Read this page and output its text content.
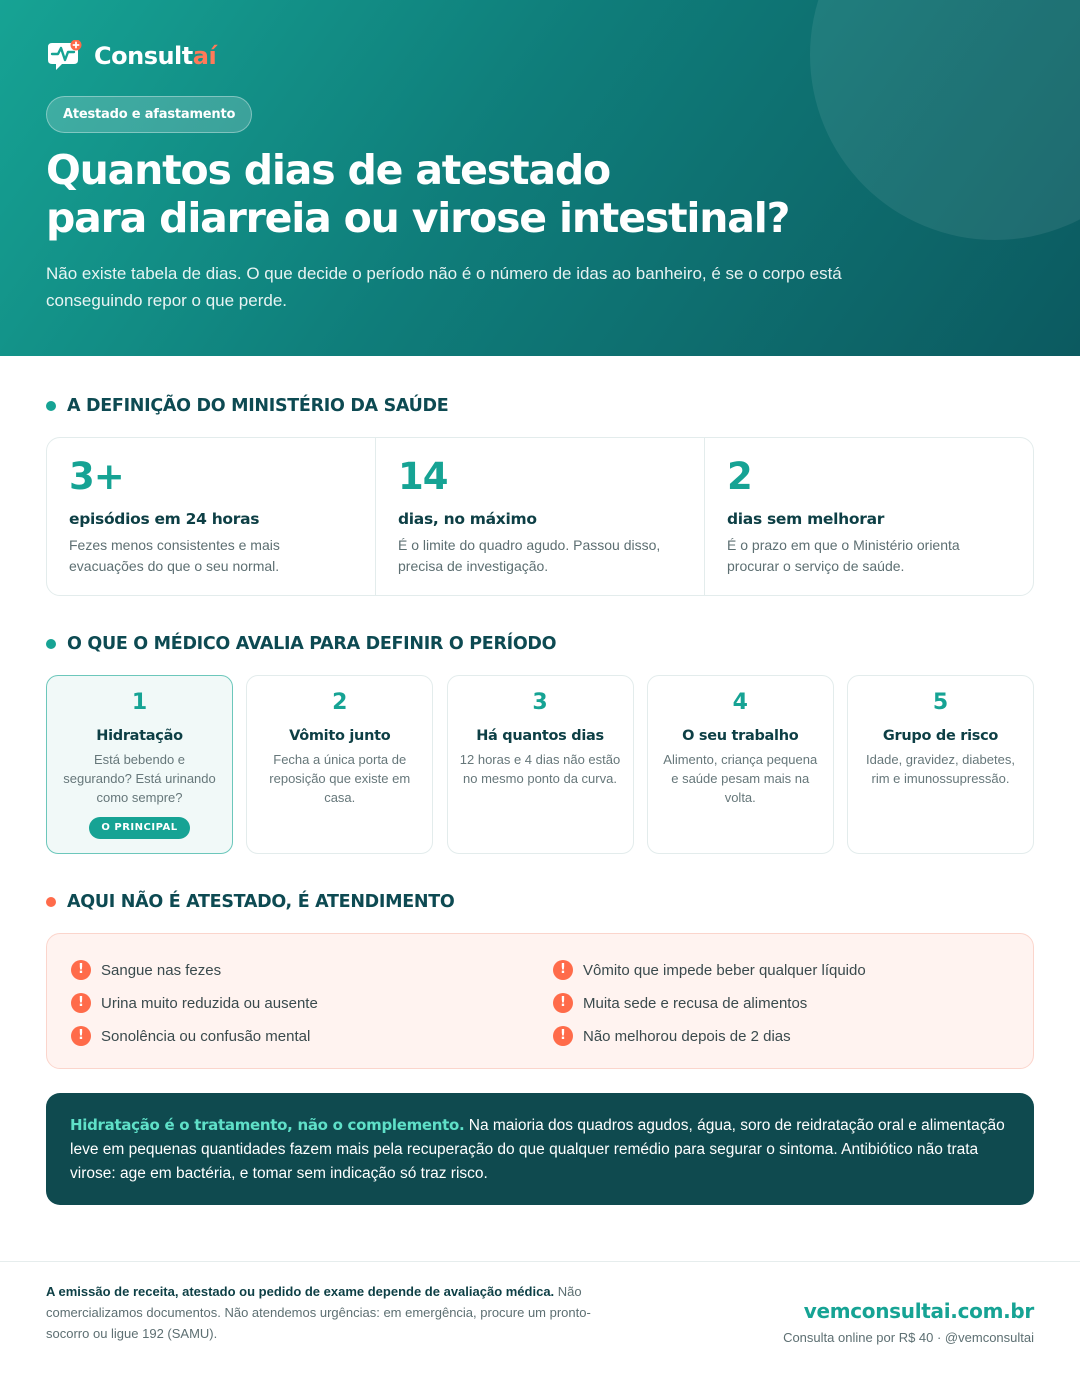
Consultaí
Atestado e afastamento
Quantos dias de atestado
para diarreia ou virose intestinal?

Não existe tabela de dias. O que decide o período não é o número de idas ao banheiro, é se o corpo está conseguindo repor o que perde.

A DEFINIÇÃO DO MINISTÉRIO DA SAÚDE
3+
episódios em 24 horas
Fezes menos consistentes e mais evacuações do que o seu normal.
14
dias, no máximo
É o limite do quadro agudo. Passou disso, precisa de investigação.
2
dias sem melhorar
É o prazo em que o Ministério orienta procurar o serviço de saúde.
O QUE O MÉDICO AVALIA PARA DEFINIR O PERÍODO
1
Hidratação
Está bebendo e segurando? Está urinando como sempre?
O PRINCIPAL
2
Vômito junto
Fecha a única porta de reposição que existe em casa.
3
Há quantos dias
12 horas e 4 dias não estão no mesmo ponto da curva.
4
O seu trabalho
Alimento, criança pequena e saúde pesam mais na volta.
5
Grupo de risco
Idade, gravidez, diabetes, rim e imunossupressão.
AQUI NÃO É ATESTADO, É ATENDIMENTO
!	Sangue nas fezes
!	Urina muito reduzida ou ausente
!	Sonolência ou confusão mental
!	Vômito que impede beber qualquer líquido
!	Muita sede e recusa de alimentos
!	Não melhorou depois de 2 dias
Hidratação é o tratamento, não o complemento. Na maioria dos quadros agudos, água, soro de reidratação oral e alimentação leve em pequenas quantidades fazem mais pela recuperação do que qualquer remédio para segurar o sintoma. Antibiótico não trata virose: age em bactéria, e tomar sem indicação só traz risco.

A emissão de receita, atestado ou pedido de exame depende de avaliação médica. Não comercializamos documentos. Não atendemos urgências: em emergência, procure um pronto-socorro ou ligue 192 (SAMU).

vemconsultai.com.br
Consulta online por R$ 40 · @vemconsultai
